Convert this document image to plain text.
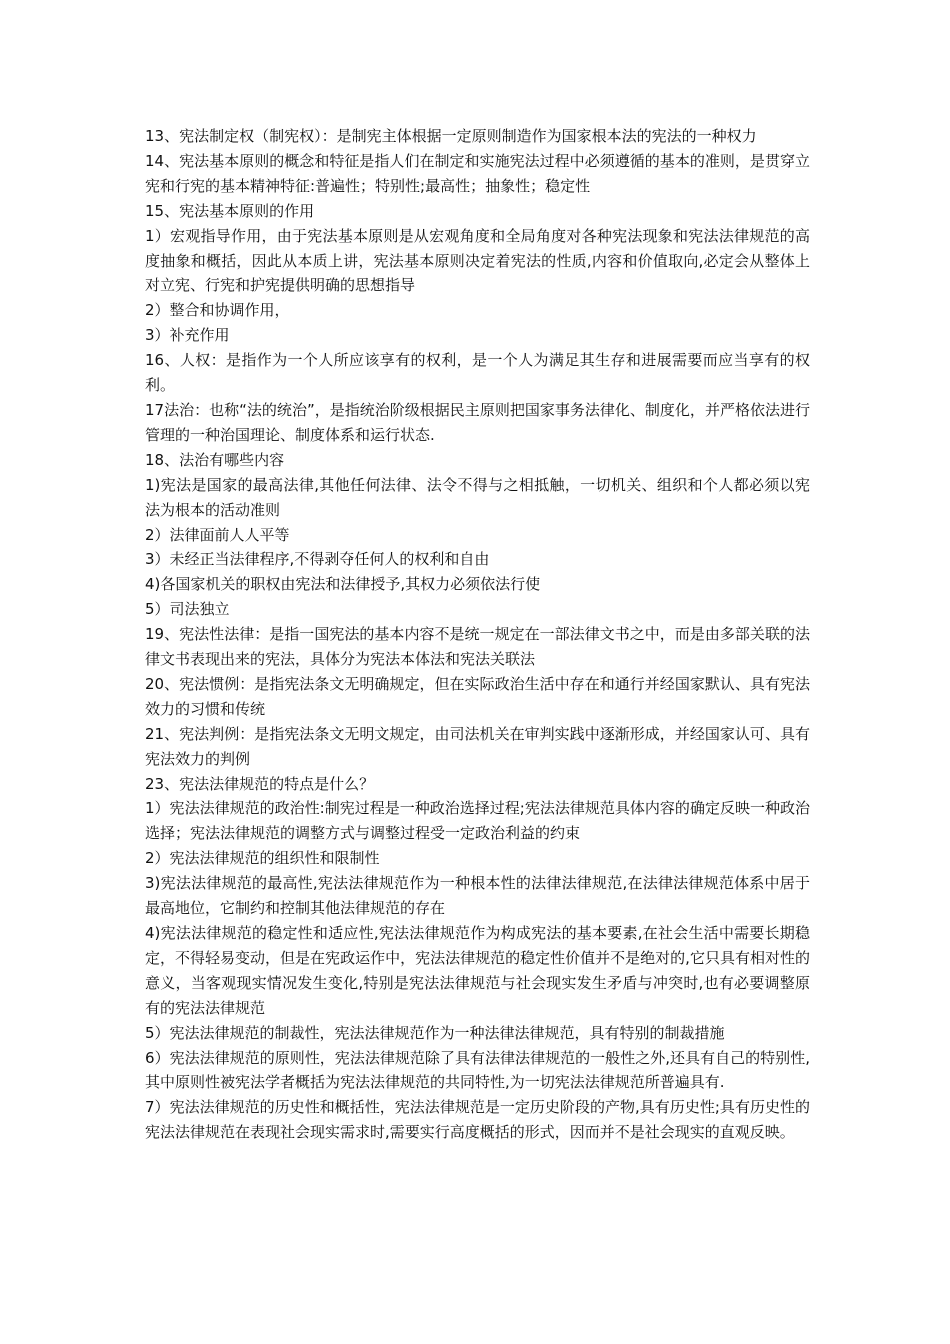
13、宪法制定权（制宪权）：是制宪主体根据一定原则制造作为国家根本法的宪法的一种权力

14、宪法基本原则的概念和特征是指人们在制定和实施宪法过程中必须遵循的基本的准则，是贯穿立宪和行宪的基本精神特征:普遍性；特别性;最高性；抽象性；稳定性

15、宪法基本原则的作用

1）宏观指导作用，由于宪法基本原则是从宏观角度和全局角度对各种宪法现象和宪法法律规范的高度抽象和概括，因此从本质上讲，宪法基本原则决定着宪法的性质,内容和价值取向,必定会从整体上对立宪、行宪和护宪提供明确的思想指导

2）整合和协调作用，

3）补充作用

16、人权：是指作为一个人所应该享有的权利，是一个人为满足其生存和进展需要而应当享有的权利。

17法治：也称“法的统治”，是指统治阶级根据民主原则把国家事务法律化、制度化，并严格依法进行管理的一种治国理论、制度体系和运行状态.

18、法治有哪些内容

1)宪法是国家的最高法律,其他任何法律、法令不得与之相抵触，一切机关、组织和个人都必须以宪法为根本的活动准则

2）法律面前人人平等

3）未经正当法律程序,不得剥夺任何人的权利和自由

4)各国家机关的职权由宪法和法律授予,其权力必须依法行使

5）司法独立

19、宪法性法律：是指一国宪法的基本内容不是统一规定在一部法律文书之中，而是由多部关联的法律文书表现出来的宪法，具体分为宪法本体法和宪法关联法

20、宪法惯例：是指宪法条文无明确规定，但在实际政治生活中存在和通行并经国家默认、具有宪法效力的习惯和传统

21、宪法判例：是指宪法条文无明文规定，由司法机关在审判实践中逐渐形成，并经国家认可、具有宪法效力的判例

23、宪法法律规范的特点是什么？

1）宪法法律规范的政治性:制宪过程是一种政治选择过程;宪法法律规范具体内容的确定反映一种政治选择；宪法法律规范的调整方式与调整过程受一定政治利益的约束

2）宪法法律规范的组织性和限制性

3)宪法法律规范的最高性,宪法法律规范作为一种根本性的法律法律规范,在法律法律规范体系中居于最高地位，它制约和控制其他法律规范的存在

4)宪法法律规范的稳定性和适应性,宪法法律规范作为构成宪法的基本要素,在社会生活中需要长期稳定，不得轻易变动，但是在宪政运作中，宪法法律规范的稳定性价值并不是绝对的,它只具有相对性的意义，当客观现实情况发生变化,特别是宪法法律规范与社会现实发生矛盾与冲突时,也有必要调整原有的宪法法律规范

5）宪法法律规范的制裁性，宪法法律规范作为一种法律法律规范，具有特别的制裁措施

6）宪法法律规范的原则性，宪法法律规范除了具有法律法律规范的一般性之外,还具有自己的特别性,其中原则性被宪法学者概括为宪法法律规范的共同特性,为一切宪法法律规范所普遍具有.

7）宪法法律规范的历史性和概括性，宪法法律规范是一定历史阶段的产物,具有历史性;具有历史性的宪法法律规范在表现社会现实需求时,需要实行高度概括的形式，因而并不是社会现实的直观反映。
